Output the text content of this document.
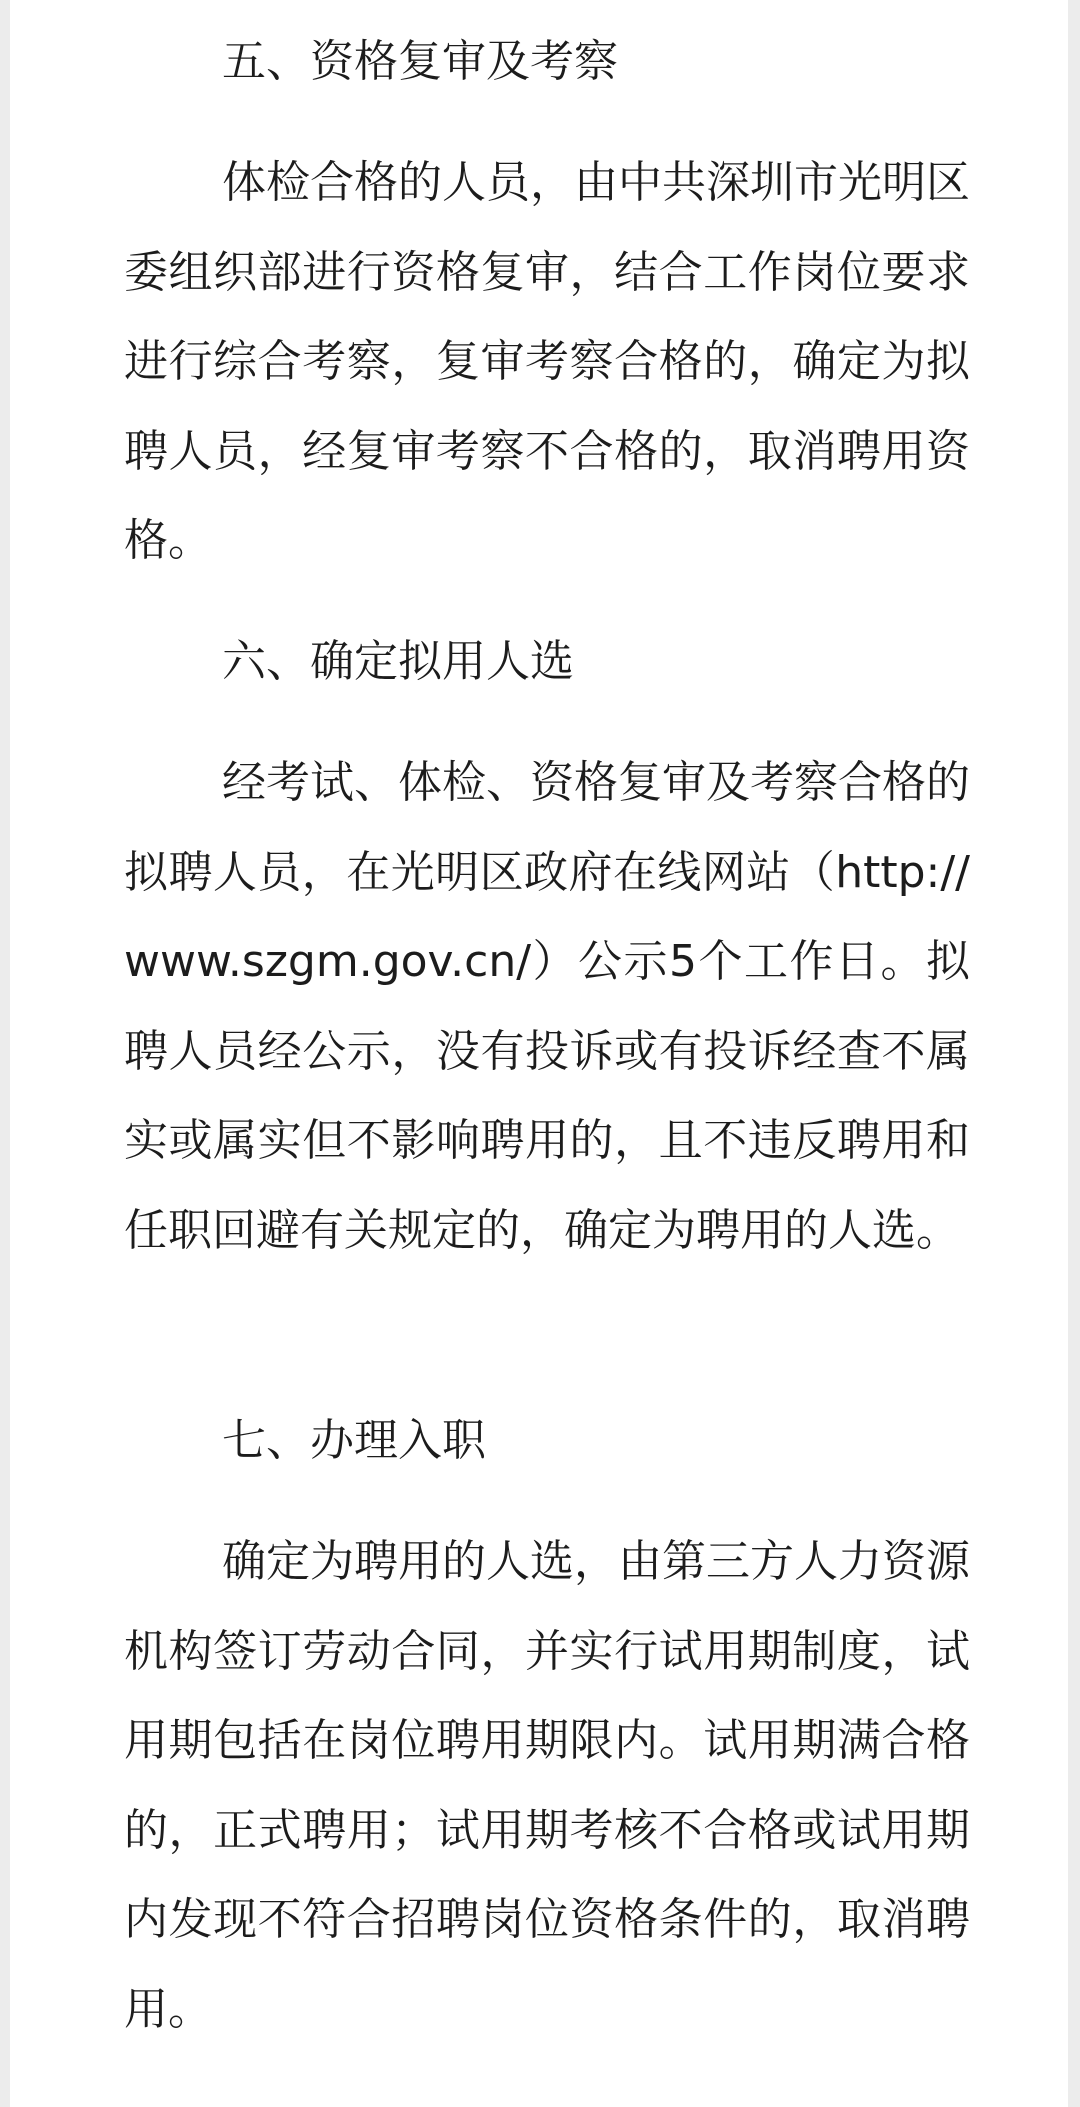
五、资格复审及考察

体检合格的人员，由中共深圳市光明区委组织部进行资格复审，结合工作岗位要求进行综合考察，复审考察合格的，确定为拟聘人员，经复审考察不合格的，取消聘用资格。

六、确定拟用人选

经考试、体检、资格复审及考察合格的拟聘人员，在光明区政府在线网站（http://www.szgm.gov.cn/）公示5个工作日。拟聘人员经公示，没有投诉或有投诉经查不属实或属实但不影响聘用的，且不违反聘用和任职回避有关规定的，确定为聘用的人选。

七、办理入职

确定为聘用的人选，由第三方人力资源机构签订劳动合同，并实行试用期制度，试用期包括在岗位聘用期限内。试用期满合格的，正式聘用；试用期考核不合格或试用期内发现不符合招聘岗位资格条件的，取消聘用。
